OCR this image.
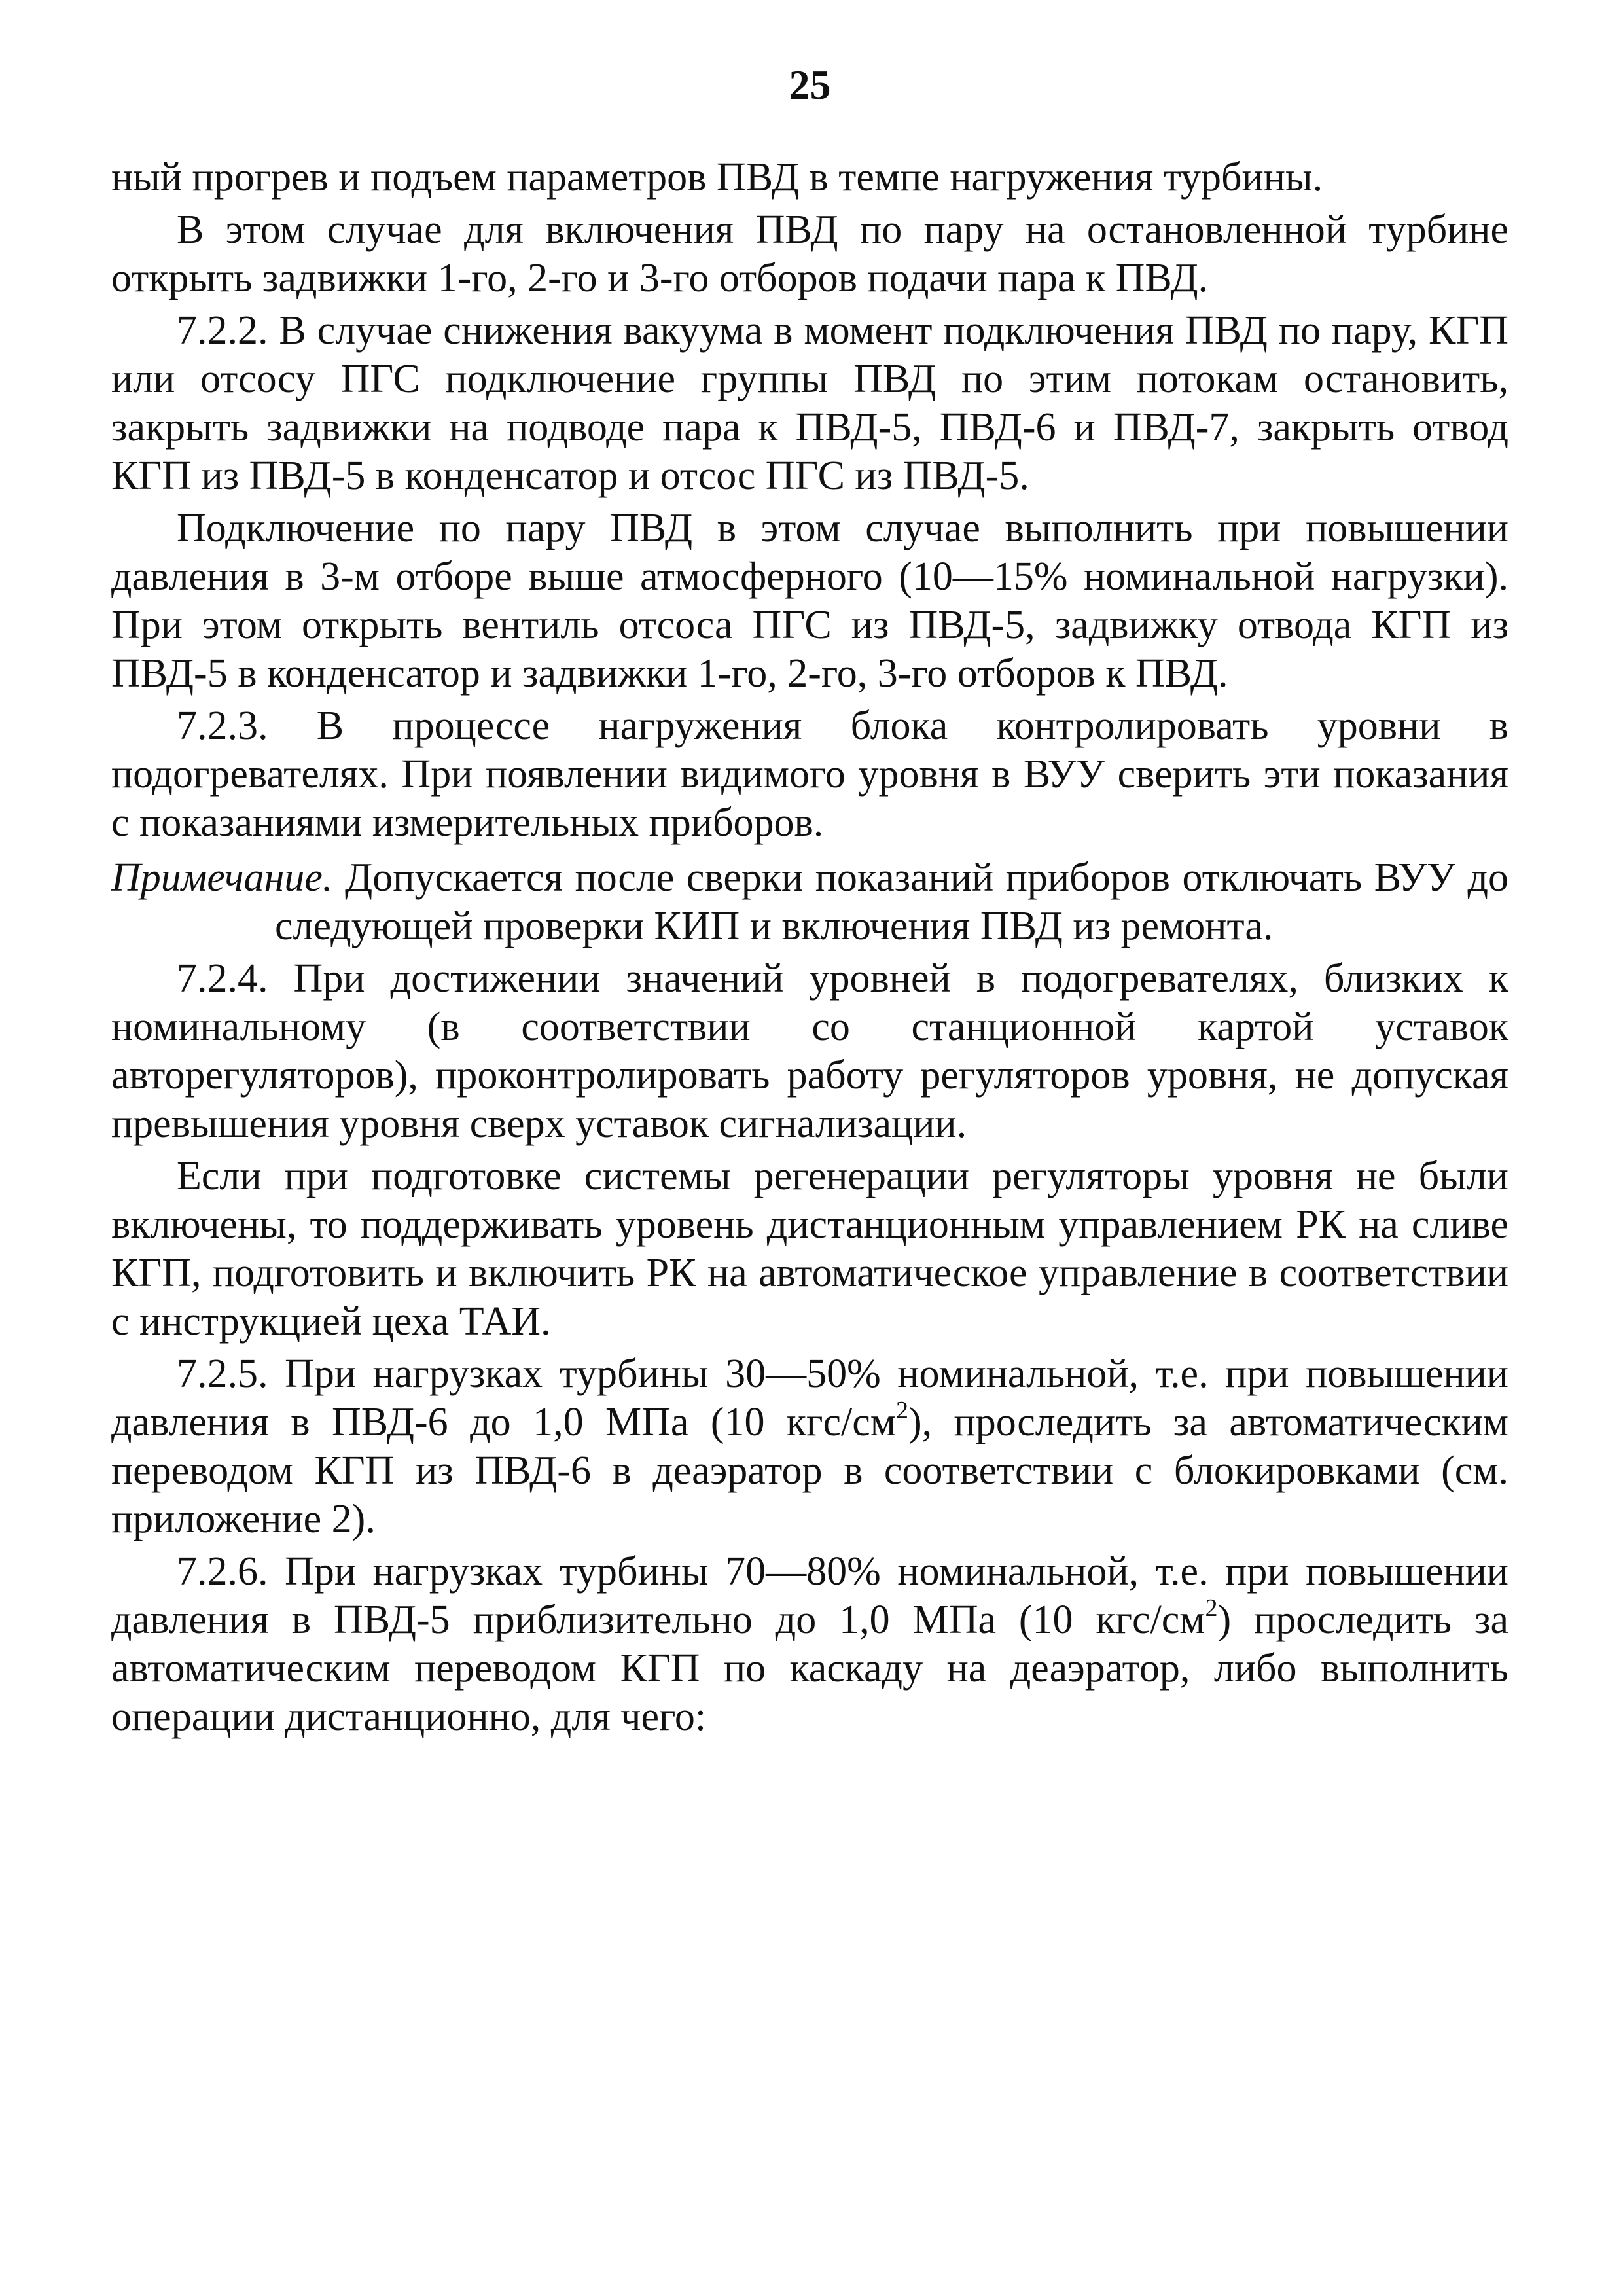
25

ный прогрев и подъем параметров ПВД в темпе нагружения турбины.

В этом случае для включения ПВД по пару на остановленной турбине открыть задвижки 1-го, 2-го и 3-го отборов подачи пара к ПВД.

7.2.2. В случае снижения вакуума в момент подключения ПВД по пару, КГП или отсосу ПГС подключение группы ПВД по этим потокам остановить, закрыть задвижки на подводе пара к ПВД-5, ПВД-6 и ПВД-7, закрыть отвод КГП из ПВД-5 в конденсатор и отсос ПГС из ПВД-5.

Подключение по пару ПВД в этом случае выполнить при повышении давления в 3-м отборе выше атмосферного (10—15% номинальной нагрузки). При этом открыть вентиль отсоса ПГС из ПВД-5, задвижку отвода КГП из ПВД-5 в конденсатор и задвижки 1-го, 2-го, 3-го отборов к ПВД.

7.2.3. В процессе нагружения блока контролировать уровни в подогревателях. При появлении видимого уровня в ВУУ сверить эти показания с показаниями измерительных приборов.

Примечание. Допускается после сверки показаний приборов отключать ВУУ до следующей проверки КИП и включения ПВД из ремонта.

7.2.4. При достижении значений уровней в подогревателях, близких к номинальному (в соответствии со станционной картой уставок авторегуляторов), проконтролировать работу регуляторов уровня, не допуская превышения уровня сверх уставок сигнализации.

Если при подготовке системы регенерации регуляторы уровня не были включены, то поддерживать уровень дистанционным управлением РК на сливе КГП, подготовить и включить РК на автоматическое управление в соответствии с инструкцией цеха ТАИ.

7.2.5. При нагрузках турбины 30—50% номинальной, т.е. при повышении давления в ПВД-6 до 1,0 МПа (10 кгс/$см^2$), проследить за автоматическим переводом КГП из ПВД-6 в деаэратор в соответствии с блокировками (см. приложение 2).

7.2.6. При нагрузках турбины 70—80% номинальной, т.е. при повышении давления в ПВД-5 приблизительно до 1,0 МПа (10 кгс/$см^2$) проследить за автоматическим переводом КГП по каскаду на деаэратор, либо выполнить операции дистанционно, для чего:
